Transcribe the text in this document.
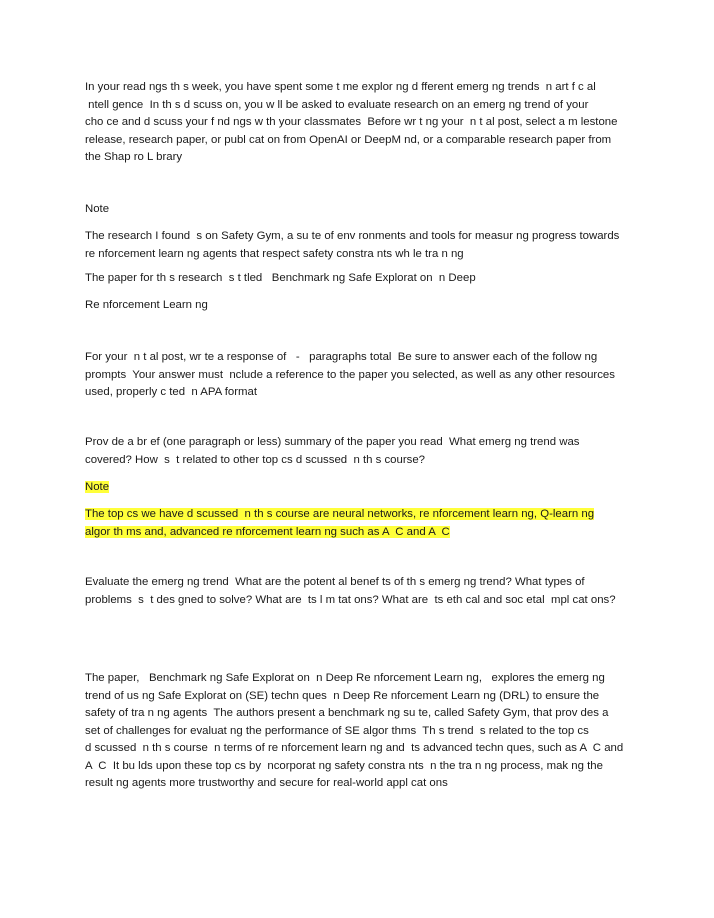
In your read ngs th s week, you have spent some t me explor ng d fferent emerg ng trends  n art f c al
ntell gence  In th s d scuss on, you w ll be asked to evaluate research on an emerg ng trend of your
cho ce and d scuss your f nd ngs w th your classmates  Before wr t ng your  n t al post, select a m lestone
release, research paper, or publ cat on from OpenAI or DeepM nd, or a comparable research paper from
the Shap ro L brary
Note
The research I found  s on Safety Gym, a su te of env ronments and tools for measur ng progress towards
re nforcement learn ng agents that respect safety constra nts wh le tra n ng
The paper for th s research  s t tled   Benchmark ng Safe Explorat on  n Deep
Re nforcement Learn ng
For your  n t al post, wr te a response of   -   paragraphs total  Be sure to answer each of the follow ng
prompts  Your answer must  nclude a reference to the paper you selected, as well as any other resources
used, properly c ted  n APA format
Prov de a br ef (one paragraph or less) summary of the paper you read  What emerg ng trend was
covered? How  s  t related to other top cs d scussed  n th s course?
Note
The top cs we have d scussed  n th s course are neural networks, re nforcement learn ng, Q-learn ng
algor th ms and, advanced re nforcement learn ng such as A  C and A  C
Evaluate the emerg ng trend  What are the potent al benef ts of th s emerg ng trend? What types of
problems  s  t des gned to solve? What are  ts l m tat ons? What are  ts eth cal and soc etal  mpl cat ons?
The paper,   Benchmark ng Safe Explorat on  n Deep Re nforcement Learn ng,   explores the emerg ng
trend of us ng Safe Explorat on (SE) techn ques  n Deep Re nforcement Learn ng (DRL) to ensure the
safety of tra n ng agents  The authors present a benchmark ng su te, called Safety Gym, that prov des a
set of challenges for evaluat ng the performance of SE algor thms  Th s trend  s related to the top cs
d scussed  n th s course  n terms of re nforcement learn ng and  ts advanced techn ques, such as A  C and
A  C  It bu lds upon these top cs by  ncorporat ng safety constra nts  n the tra n ng process, mak ng the
result ng agents more trustworthy and secure for real-world appl cat ons
